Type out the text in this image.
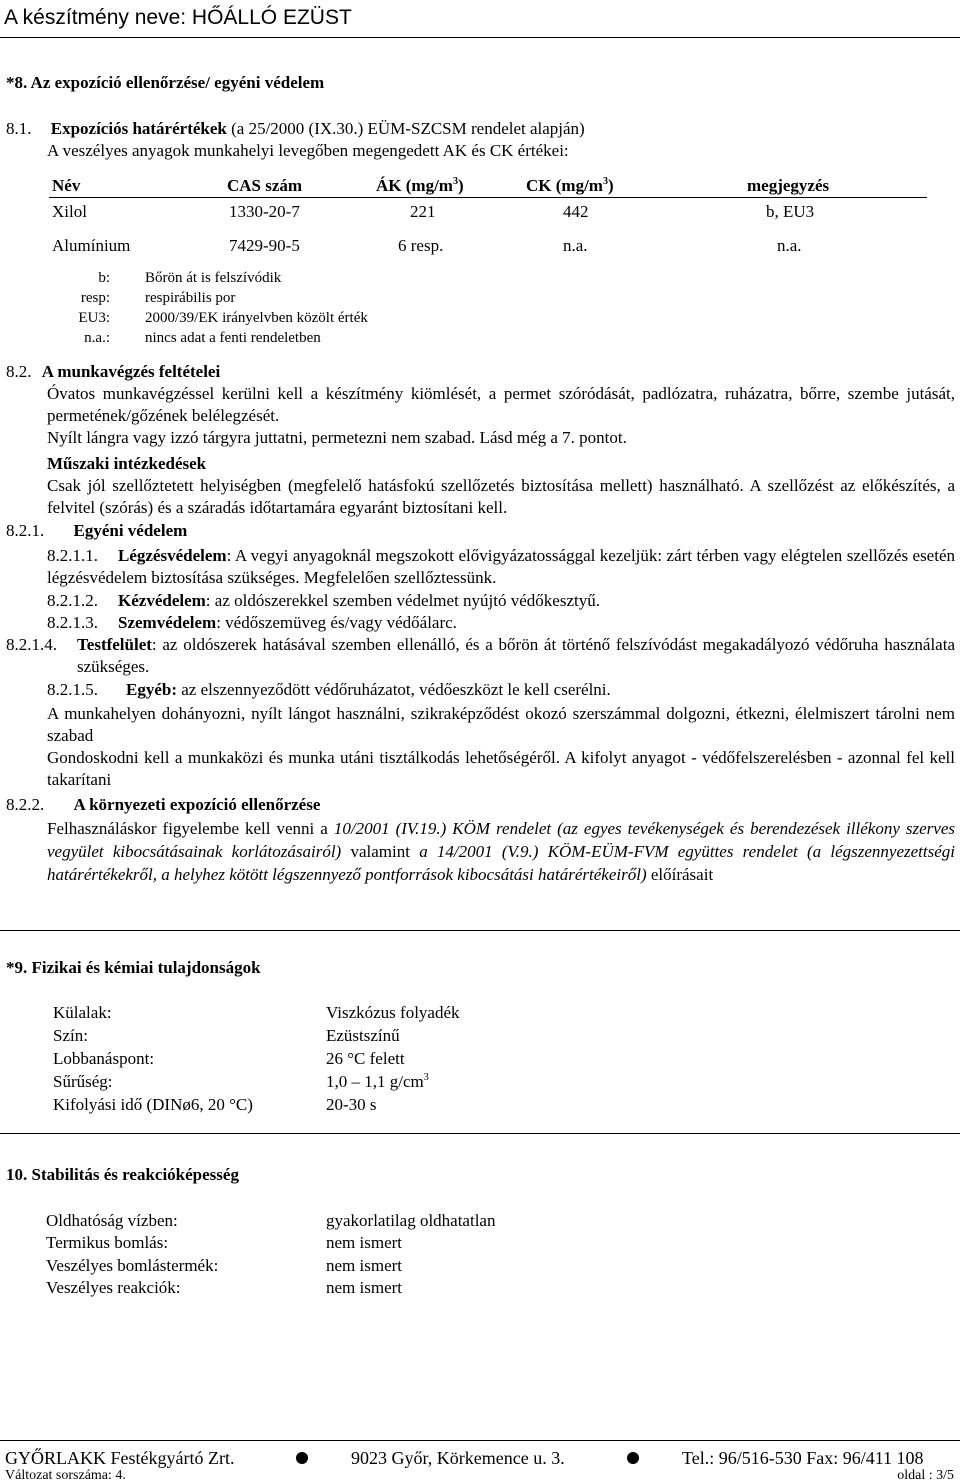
A készítmény neve: HŐÁLLÓ EZÜST
*8. Az expozíció ellenőrzése/ egyéni védelem
8.1. Expozíciós határértékek (a 25/2000 (IX.30.) EÜM-SZCSM rendelet alapján)
A veszélyes anyagok munkahelyi levegőben megengedett AK és CK értékei:
Név	CAS szám	ÁK $(mg/m^3)$	CK $(mg/m^3)$	megjegyzés
Xilol	1330-20-7	221	442	b, EU3
Alumínium	7429-90-5	6 resp.	n.a.	n.a.
b: Bőrön át is felszívódik
resp: respirábilis por
EU3: 2000/39/EK irányelvben közölt érték
n.a.: nincs adat a fenti rendeletben
8.2. A munkavégzés feltételei
Óvatos munkavégzéssel kerülni kell a készítmény kiömlését, a permet szóródását, padlózatra, ruházatra, bőrre, szembe jutását, permetének/gőzének belélegzését.
Nyílt lángra vagy izzó tárgyra juttatni, permetezni nem szabad. Lásd még a 7. pontot.
Műszaki intézkedések
Csak jól szellőztetett helyiségben (megfelelő hatásfokú szellőzetés biztosítása mellett) használható. A szellőzést az előkészítés, a felvitel (szórás) és a száradás időtartamára egyaránt biztosítani kell.
8.2.1. Egyéni védelem
8.2.1.1.	Légzésvédelem: A vegyi anyagoknál megszokott elővigyázatossággal kezeljük: zárt térben vagy elégtelen szellőzés esetén légzésvédelem biztosítása szükséges. Megfelelően szellőztessünk.
8.2.1.2. Kézvédelem: az oldószerekkel szemben védelmet nyújtó védőkesztyű.
8.2.1.3. Szemvédelem: védőszemüveg és/vagy védőálarc.
8.2.1.4. Testfelület: az oldószerek hatásával szemben ellenálló, és a bőrön át történő felszívódást megakadályozó védőruha használata szükséges.
8.2.1.5. Egyéb: az elszennyeződött védőruházatot, védőeszközt le kell cserélni.
A munkahelyen dohányozni, nyílt lángot használni, szikraképződést okozó szerszámmal dolgozni, étkezni, élelmiszert tárolni nem szabad
Gondoskodni kell a munkaközi és munka utáni tisztálkodás lehetőségéről. A kifolyt anyagot - védőfelszerelésben - azonnal fel kell takarítani
8.2.2. A környezeti expozíció ellenőrzése
Felhasználáskor figyelembe kell venni a 10/2001 (IV.19.) KÖM rendelet (az egyes tevékenységek és berendezések illékony szerves vegyület kibocsátásainak korlátozásairól) valamint a 14/2001 (V.9.) KÖM-EÜM-FVM együttes rendelet (a légszennyezettségi határértékekről, a helyhez kötött légszennyező pontforrások kibocsátási határértékeiről) előírásait
*9. Fizikai és kémiai tulajdonságok
Külalak:	Viszkózus folyadék
Szín:	Ezüstszínű
Lobbanáspont:	26 °C felett
Sűrűség:	1,0 – 1,1 $g/cm^3$
Kifolyási idő (DINø6, 20 °C)	20-30 s
10. Stabilitás és reakcióképesség
Oldhatóság vízben:	gyakorlatilag oldhatatlan
Termikus bomlás:	nem ismert
Veszélyes bomlástermék:	nem ismert
Veszélyes reakciók:	nem ismert
GYŐRLAKK Festékgyártó Zrt.	9023 Győr, Körkemence u. 3.	Tel.: 96/516-530 Fax: 96/411 108
Változat sorszáma: 4.	oldal : 3/5
